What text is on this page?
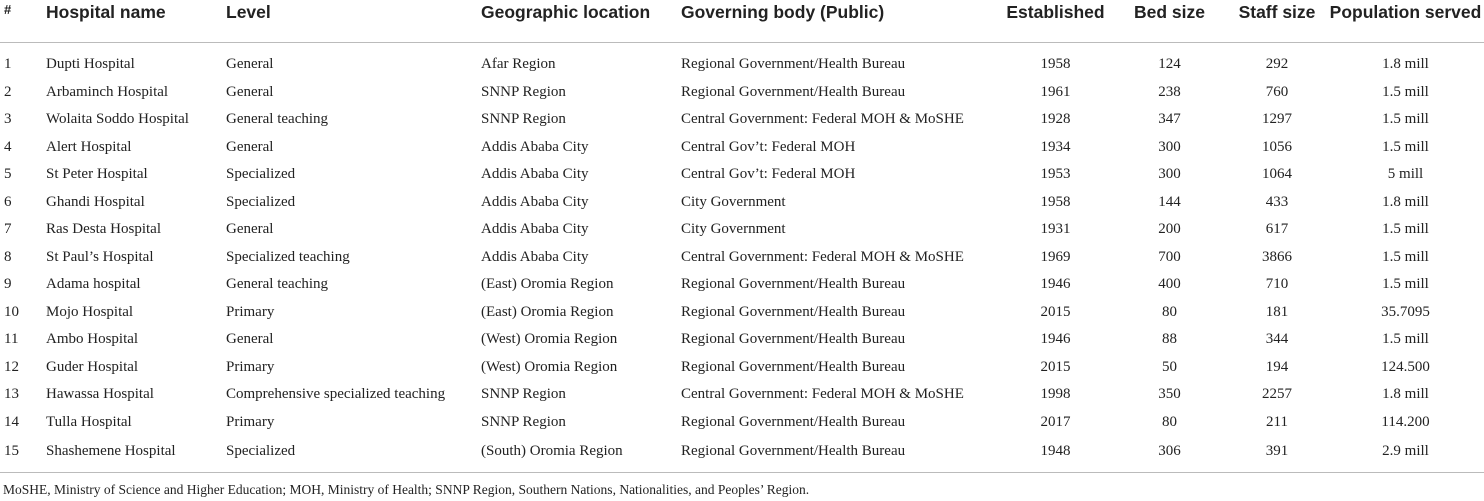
#	Hospital name	Level	Geographic location	Governing body (Public)	Established	Bed size	Staff size	Population served

1	Dupti Hospital	General	Afar Region	Regional Government/Health Bureau	1958	124	292	1.8 mill
2	Arbaminch Hospital	General	SNNP Region	Regional Government/Health Bureau	1961	238	760	1.5 mill
3	Wolaita Soddo Hospital	General teaching	SNNP Region	Central Government: Federal MOH & MoSHE	1928	347	1297	1.5 mill
4	Alert Hospital	General	Addis Ababa City	Central Gov’t: Federal MOH	1934	300	1056	1.5 mill
5	St Peter Hospital	Specialized	Addis Ababa City	Central Gov’t: Federal MOH	1953	300	1064	5 mill
6	Ghandi Hospital	Specialized	Addis Ababa City	City Government	1958	144	433	1.8 mill
7	Ras Desta Hospital	General	Addis Ababa City	City Government	1931	200	617	1.5 mill
8	St Paul’s Hospital	Specialized teaching	Addis Ababa City	Central Government: Federal MOH & MoSHE	1969	700	3866	1.5 mill
9	Adama hospital	General teaching	(East) Oromia Region	Regional Government/Health Bureau	1946	400	710	1.5 mill
10	Mojo Hospital	Primary	(East) Oromia Region	Regional Government/Health Bureau	2015	80	181	35.7095
11	Ambo Hospital	General	(West) Oromia Region	Regional Government/Health Bureau	1946	88	344	1.5 mill
12	Guder Hospital	Primary	(West) Oromia Region	Regional Government/Health Bureau	2015	50	194	124.500
13	Hawassa Hospital	Comprehensive specialized teaching	SNNP Region	Central Government: Federal MOH & MoSHE	1998	350	2257	1.8 mill
14	Tulla Hospital	Primary	SNNP Region	Regional Government/Health Bureau	2017	80	211	114.200
15	Shashemene Hospital	Specialized	(South) Oromia Region	Regional Government/Health Bureau	1948	306	391	2.9 mill
MoSHE, Ministry of Science and Higher Education; MOH, Ministry of Health; SNNP Region, Southern Nations, Nationalities, and Peoples’ Region.
